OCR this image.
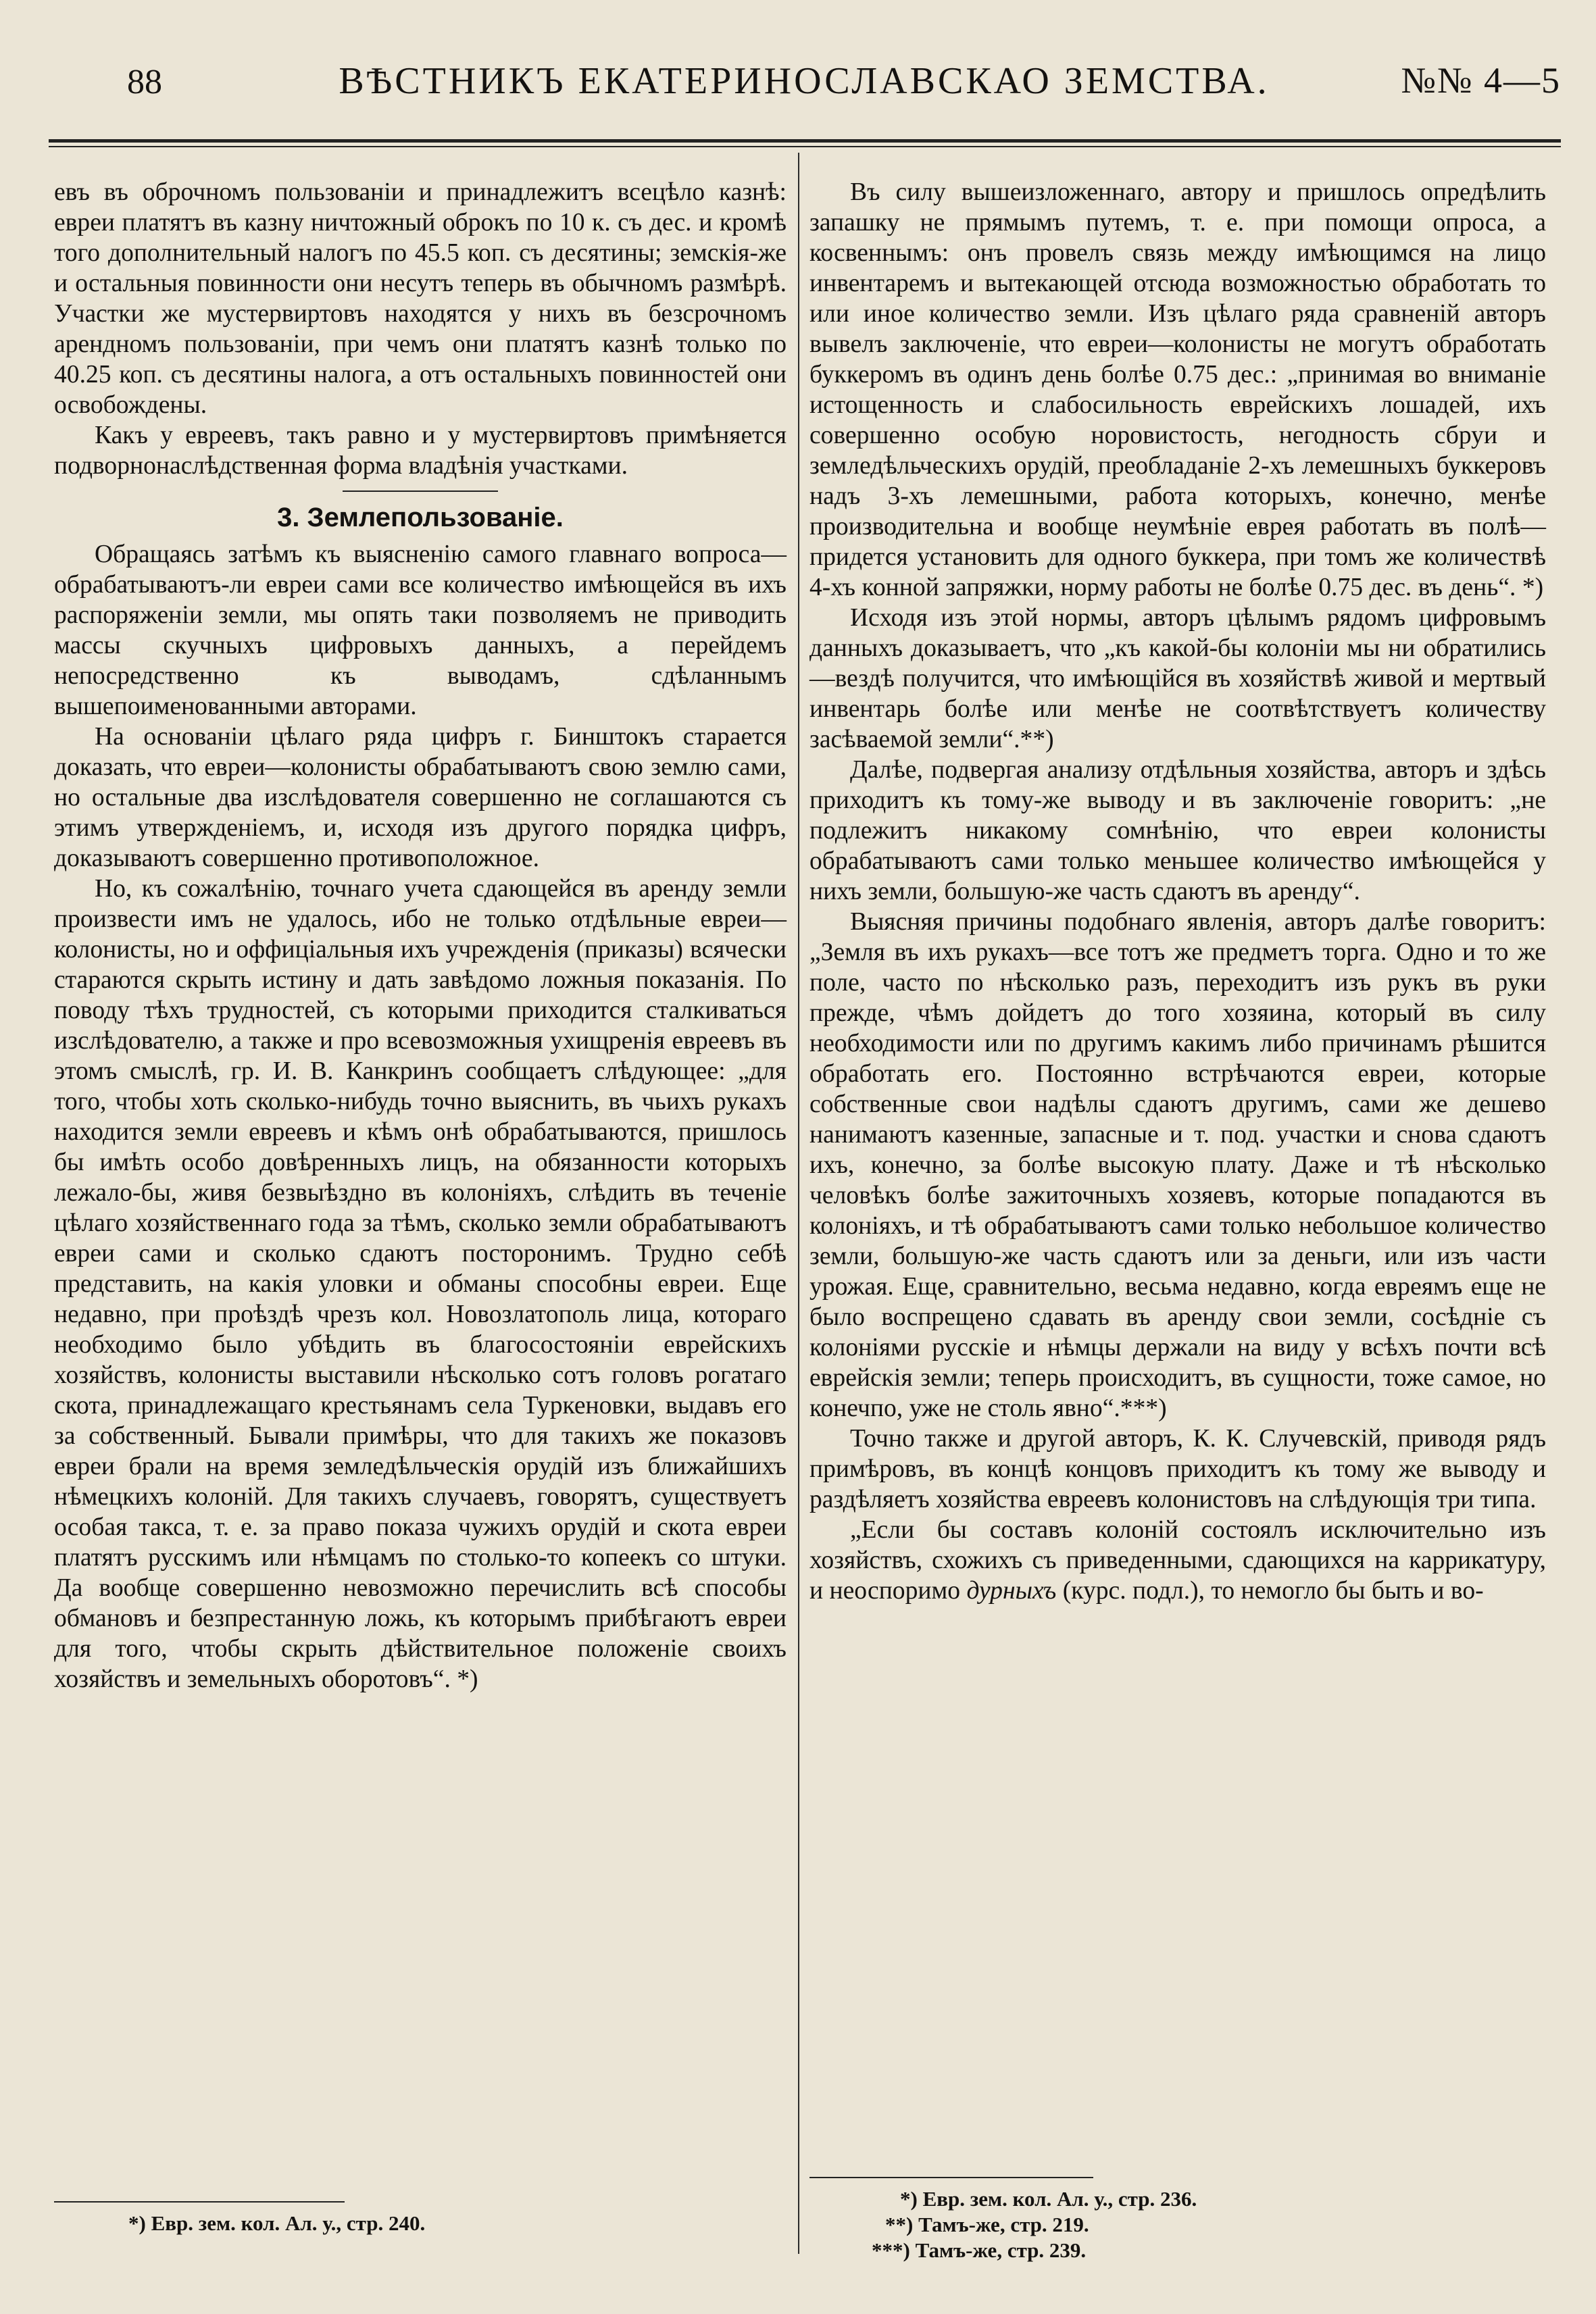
88	ВѢСТНИКЪ ЕКАТЕРИНОСЛАВСКАО ЗЕМСТВА.	№№ 4—5

евъ въ оброчномъ пользованіи и принадлежитъ всецѣло казнѣ: евреи платятъ въ казну ничтожный оброкъ по 10 к. съ дес. и кромѣ того дополнительный налогъ по 45.5 коп. съ десятины; земскія-же и остальныя повинности они несутъ теперь въ обычномъ размѣрѣ. Участки же мустервиртовъ находятся у нихъ въ безсрочномъ арендномъ пользованіи, при чемъ они платятъ казнѣ только по 40.25 коп. съ десятины налога, а отъ остальныхъ повинностей они освобождены.

Какъ у евреевъ, такъ равно и у мустервиртовъ примѣняется подворнонаслѣдственная форма владѣнія участками.

3. Землепользованіе.

Обращаясь затѣмъ къ выясненію самого главнаго вопроса—обрабатываютъ-ли евреи сами все количество имѣющейся въ ихъ распоряженіи земли, мы опять таки позволяемъ не приводить массы скучныхъ цифровыхъ данныхъ, а перейдемъ непосредственно къ выводамъ, сдѣланнымъ вышепоименованными авторами.

На основаніи цѣлаго ряда цифръ г. Бинштокъ старается доказать, что евреи—колонисты обрабатываютъ свою землю сами, но остальные два изслѣдователя совершенно не соглашаются съ этимъ утвержденіемъ, и, исходя изъ другого порядка цифръ, доказываютъ совершенно противоположное.

Но, къ сожалѣнію, точнаго учета сдающейся въ аренду земли произвести имъ не удалось, ибо не только отдѣльные евреи—колонисты, но и оффиціальныя ихъ учрежденія (приказы) всячески стараются скрыть истину и дать завѣдомо ложныя показанія. По поводу тѣхъ трудностей, съ которыми приходится сталкиваться изслѣдователю, а также и про всевозможныя ухищренія евреевъ въ этомъ смыслѣ, гр. И. В. Канкринъ сообщаетъ слѣдующее: „для того, чтобы хоть сколько-нибудь точно выяснить, въ чьихъ рукахъ находится земли евреевъ и кѣмъ онѣ обрабатываются, пришлось бы имѣть особо довѣренныхъ лицъ, на обязанности которыхъ лежало-бы, живя безвыѣздно въ колоніяхъ, слѣдить въ теченіе цѣлаго хозяйственнаго года за тѣмъ, сколько земли обрабатываютъ евреи сами и сколько сдаютъ посторонимъ. Трудно себѣ представить, на какія уловки и обманы способны евреи. Еще недавно, при проѣздѣ чрезъ кол. Новозлатополь лица, котораго необходимо было убѣдить въ благосостояніи еврейскихъ хозяйствъ, колонисты выставили нѣсколько сотъ головъ рогатаго скота, принадлежащаго крестьянамъ села Туркеновки, выдавъ его за собственный. Бывали примѣры, что для такихъ же показовъ евреи брали на время земледѣльческія орудій изъ ближайшихъ нѣмецкихъ колоній. Для такихъ случаевъ, говорятъ, существуетъ особая такса, т. е. за право показа чужихъ орудій и скота евреи платятъ русскимъ или нѣмцамъ по столько-то копеекъ со штуки. Да вообще совершенно невозможно перечислить всѣ способы обмановъ и безпрестанную ложь, къ которымъ прибѣгаютъ евреи для того, чтобы скрыть дѣйствительное положеніе своихъ хозяйствъ и земельныхъ оборотовъ“. *)

*) Евр. зем. кол. Ал. у., стр. 240.

Въ силу вышеизложеннаго, автору и пришлось опредѣлить запашку не прямымъ путемъ, т. е. при помощи опроса, а косвеннымъ: онъ провелъ связь между имѣющимся на лицо инвентаремъ и вытекающей отсюда возможностью обработать то или иное количество земли. Изъ цѣлаго ряда сравненій авторъ вывелъ заключеніе, что евреи—колонисты не могутъ обработать буккеромъ въ одинъ день болѣе 0.75 дес.: „принимая во вниманіе истощенность и слабосильность еврейскихъ лошадей, ихъ совершенно особую норовистость, негодность сбруи и земледѣльческихъ орудій, преобладаніе 2-хъ лемешныхъ буккеровъ надъ 3-хъ лемешными, работа которыхъ, конечно, менѣе производительна и вообще неумѣніе еврея работать въ полѣ—придется установить для одного буккера, при томъ же количествѣ 4-хъ конной запряжки, норму работы не болѣе 0.75 дес. въ день“. *)

Исходя изъ этой нормы, авторъ цѣлымъ рядомъ цифровымъ данныхъ доказываетъ, что „къ какой-бы колоніи мы ни обратились—вездѣ получится, что имѣющійся въ хозяйствѣ живой и мертвый инвентарь болѣе или менѣе не соотвѣтствуетъ количеству засѣваемой земли“.**)

Далѣе, подвергая анализу отдѣльныя хозяйства, авторъ и здѣсь приходитъ къ тому-же выводу и въ заключеніе говоритъ: „не подлежитъ никакому сомнѣнію, что евреи колонисты обрабатываютъ сами только меньшее количество имѣющейся у нихъ земли, большую-же часть сдаютъ въ аренду“.

Выясняя причины подобнаго явленія, авторъ далѣе говоритъ: „Земля въ ихъ рукахъ—все тотъ же предметъ торга. Одно и то же поле, часто по нѣсколько разъ, переходитъ изъ рукъ въ руки прежде, чѣмъ дойдетъ до того хозяина, который въ силу необходимости или по другимъ какимъ либо причинамъ рѣшится обработать его. Постоянно встрѣчаются евреи, которые собственные свои надѣлы сдаютъ другимъ, сами же дешево нанимаютъ казенные, запасные и т. под. участки и снова сдаютъ ихъ, конечно, за болѣе высокую плату. Даже и тѣ нѣсколько человѣкъ болѣе зажиточныхъ хозяевъ, которые попадаются въ колоніяхъ, и тѣ обрабатываютъ сами только небольшое количество земли, большую-же часть сдаютъ или за деньги, или изъ части урожая. Еще, сравнительно, весьма недавно, когда евреямъ еще не было воспрещено сдавать въ аренду свои земли, сосѣдніе съ колоніями русскіе и нѣмцы держали на виду у всѣхъ почти всѣ еврейскія земли; теперь происходитъ, въ сущности, тоже самое, но конечпо, уже не столь явно“.***)

Точно также и другой авторъ, К. К. Случевскій, приводя рядъ примѣровъ, въ концѣ концовъ приходитъ къ тому же выводу и раздѣляетъ хозяйства евреевъ колонистовъ на слѣдующія три типа.

„Если бы составъ колоній состоялъ исключительно изъ хозяйствъ, схожихъ съ приведенными, сдающихся на каррикатуру, и неоспоримо дурныхъ (курс. подл.), то немогло бы быть и во-

*) Евр. зем. кол. Ал. у., стр. 236.
**) Тамъ-же, стр. 219.
***) Тамъ-же, стр. 239.
